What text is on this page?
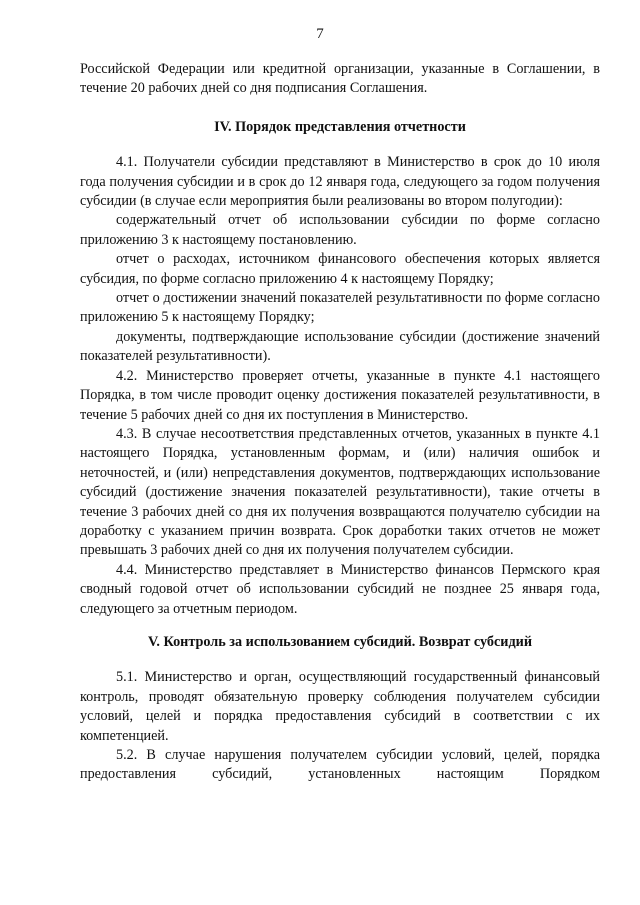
7

Российской Федерации или кредитной организации, указанные в Соглашении, в течение 20 рабочих дней со дня подписания Соглашения.

IV. Порядок представления отчетности

4.1. Получатели субсидии представляют в Министерство в срок до 10 июля года получения субсидии и в срок до 12 января года, следующего за годом получения субсидии (в случае если мероприятия были реализованы во втором полугодии):

содержательный отчет об использовании субсидии по форме согласно приложению 3 к настоящему постановлению.

отчет о расходах, источником финансового обеспечения которых является субсидия, по форме согласно приложению 4 к настоящему Порядку;

отчет о достижении значений показателей результативности по форме согласно приложению 5 к настоящему Порядку;

документы, подтверждающие использование субсидии (достижение значений показателей результативности).

4.2. Министерство проверяет отчеты, указанные в пункте 4.1 настоящего Порядка, в том числе проводит оценку достижения показателей результативности, в течение 5 рабочих дней со дня их поступления в Министерство.

4.3. В случае несоответствия представленных отчетов, указанных в пункте 4.1 настоящего Порядка, установленным формам, и (или) наличия ошибок и неточностей, и (или) непредставления документов, подтверждающих использование субсидий (достижение значения показателей результативности), такие отчеты в течение 3 рабочих дней со дня их получения возвращаются получателю субсидии на доработку с указанием причин возврата. Срок доработки таких отчетов не может превышать 3 рабочих дней со дня их получения получателем субсидии.

4.4. Министерство представляет в Министерство финансов Пермского края сводный годовой отчет об использовании субсидий не позднее 25 января года, следующего за отчетным периодом.

V. Контроль за использованием субсидий. Возврат субсидий

5.1. Министерство и орган, осуществляющий государственный финансовый контроль, проводят обязательную проверку соблюдения получателем субсидии условий, целей и порядка предоставления субсидий в соответствии с их компетенцией.

5.2. В случае нарушения получателем субсидии условий, целей, порядка предоставления субсидий, установленных настоящим Порядком
